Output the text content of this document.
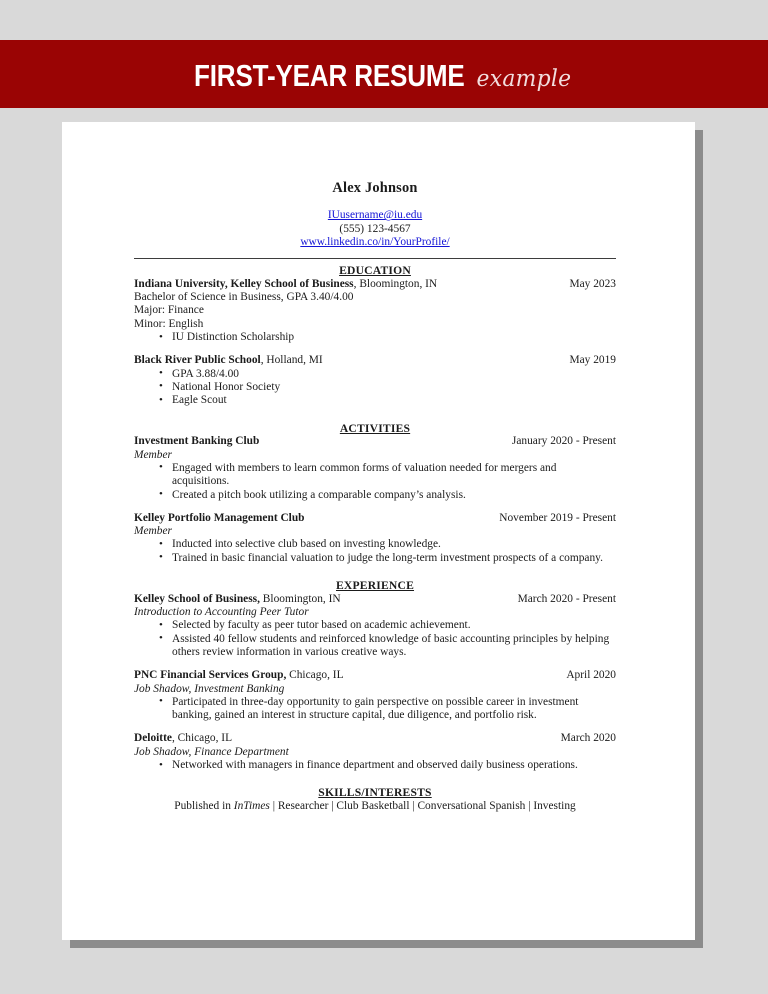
FIRST-YEAR RESUME example
Alex Johnson
IUusername@iu.edu
(555) 123-4567
www.linkedin.co/in/YourProfile/
EDUCATION
Indiana University, Kelley School of Business, Bloomington, IN	May 2023
Bachelor of Science in Business, GPA 3.40/4.00
Major: Finance
Minor: English
• IU Distinction Scholarship
Black River Public School, Holland, MI	May 2019
• GPA 3.88/4.00
• National Honor Society
• Eagle Scout
ACTIVITIES
Investment Banking Club	January 2020 - Present
Member
• Engaged with members to learn common forms of valuation needed for mergers and acquisitions.
• Created a pitch book utilizing a comparable company’s analysis.
Kelley Portfolio Management Club	November 2019 - Present
Member
• Inducted into selective club based on investing knowledge.
• Trained in basic financial valuation to judge the long-term investment prospects of a company.
EXPERIENCE
Kelley School of Business, Bloomington, IN	March 2020 - Present
Introduction to Accounting Peer Tutor
• Selected by faculty as peer tutor based on academic achievement.
• Assisted 40 fellow students and reinforced knowledge of basic accounting principles by helping others review information in various creative ways.
PNC Financial Services Group, Chicago, IL	April 2020
Job Shadow, Investment Banking
• Participated in three-day opportunity to gain perspective on possible career in investment banking, gained an interest in structure capital, due diligence, and portfolio risk.
Deloitte, Chicago, IL	March 2020
Job Shadow, Finance Department
• Networked with managers in finance department and observed daily business operations.
SKILLS/INTERESTS
Published in InTimes | Researcher | Club Basketball | Conversational Spanish | Investing
